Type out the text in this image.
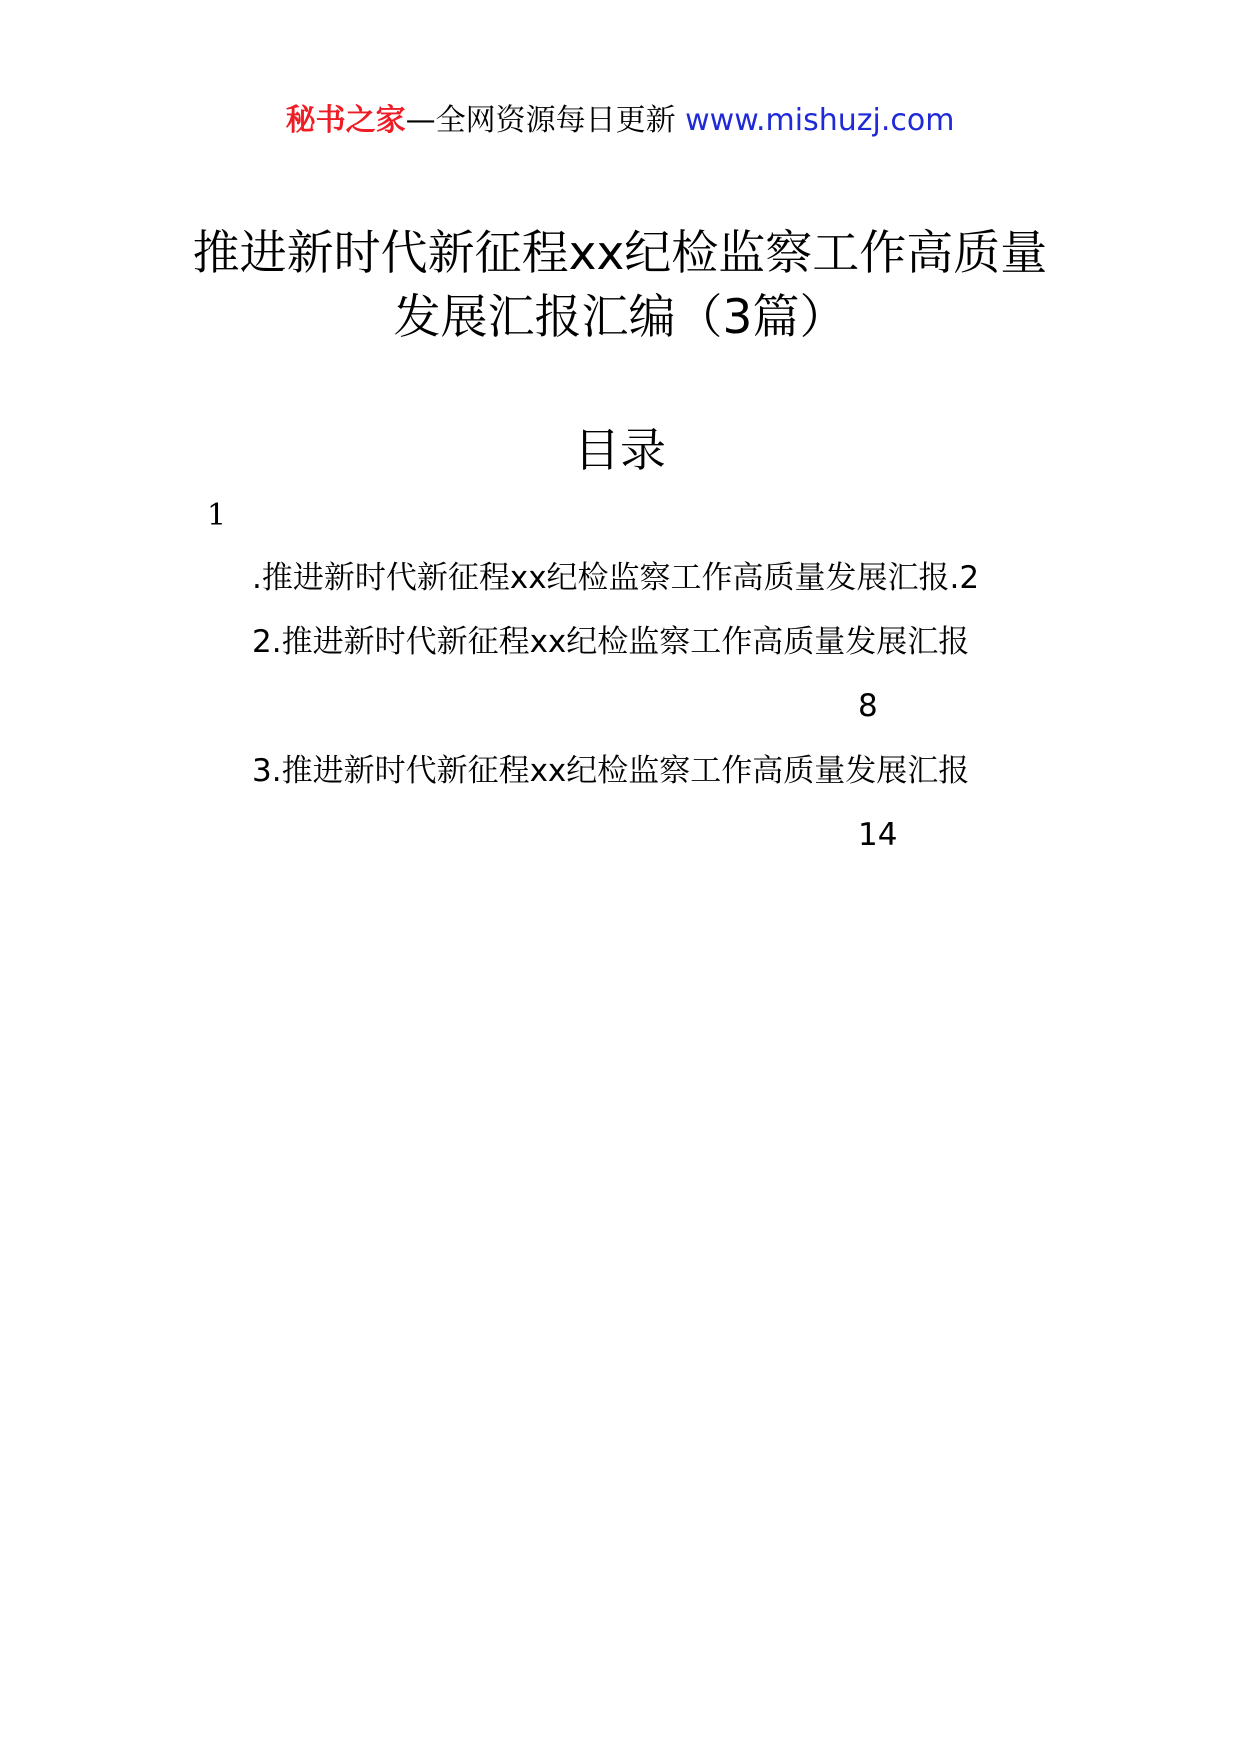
秘书之家—全网资源每日更新 www.mishuzj.com
推进新时代新征程xx纪检监察工作高质量
发展汇报汇编（3篇）
目录
1
.推进新时代新征程xx纪检监察工作高质量发展汇报.2
2.推进新时代新征程xx纪检监察工作高质量发展汇报
8
3.推进新时代新征程xx纪检监察工作高质量发展汇报
14
